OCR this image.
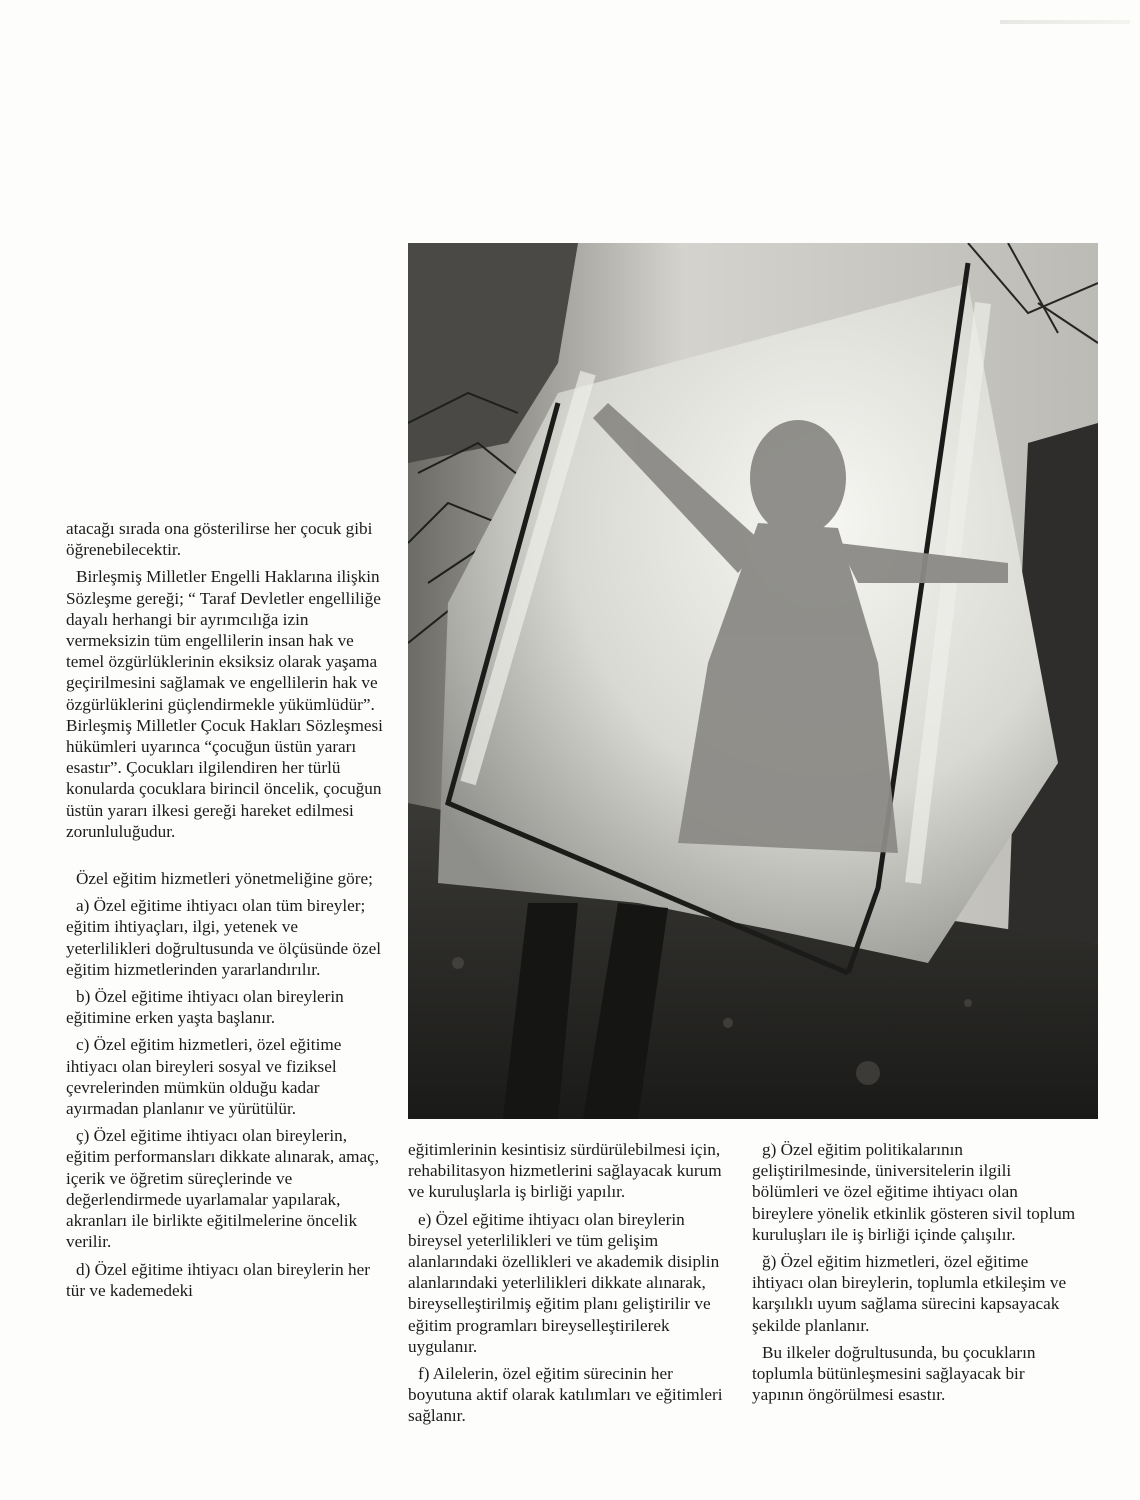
atacağı sırada ona gösterilirse her çocuk gibi öğrenebilecektir.

Birleşmiş Milletler Engelli Haklarına ilişkin Sözleşme gereği; “ Taraf Devletler engelliliğe dayalı herhangi bir ayrımcılığa izin vermeksizin tüm engellilerin insan hak ve temel özgürlüklerinin eksiksiz olarak yaşama geçirilmesini sağlamak ve engellilerin hak ve özgürlüklerini güçlendirmekle yükümlüdür”. Birleşmiş Milletler Çocuk Hakları Sözleşmesi hükümleri uyarınca “çocuğun üstün yararı esastır”. Çocukları ilgilendiren her türlü konularda çocuklara birincil öncelik, çocuğun üstün yararı ilkesi gereği hareket edilmesi zorunluluğudur.

Özel eğitim hizmetleri yönetmeliğine göre;

a) Özel eğitime ihtiyacı olan tüm bireyler; eğitim ihtiyaçları, ilgi, yetenek ve yeterlilikleri doğrultusunda ve ölçüsünde özel eğitim hizmetlerinden yararlandırılır.

b) Özel eğitime ihtiyacı olan bireylerin eğitimine erken yaşta başlanır.

c) Özel eğitim hizmetleri, özel eğitime ihtiyacı olan bireyleri sosyal ve fiziksel çevrelerinden mümkün olduğu kadar ayırmadan planlanır ve yürütülür.

ç) Özel eğitime ihtiyacı olan bireylerin, eğitim performansları dikkate alınarak, amaç, içerik ve öğretim süreçlerinde ve değerlendirmede uyarlamalar yapılarak, akranları ile birlikte eğitilmelerine öncelik verilir.

d) Özel eğitime ihtiyacı olan bireylerin her tür ve kademedeki

eğitimlerinin kesintisiz sürdürülebilmesi için, rehabilitasyon hizmetlerini sağlayacak kurum ve kuruluşlarla iş birliği yapılır.

e) Özel eğitime ihtiyacı olan bireylerin bireysel yeterlilikleri ve tüm gelişim alanlarındaki özellikleri ve akademik disiplin alanlarındaki yeterlilikleri dikkate alınarak, bireyselleştirilmiş eğitim planı geliştirilir ve eğitim programları bireyselleştirilerek uygulanır.

f) Ailelerin, özel eğitim sürecinin her boyutuna aktif olarak katılımları ve eğitimleri sağlanır.

g) Özel eğitim politikalarının geliştirilmesinde, üniversitelerin ilgili bölümleri ve özel eğitime ihtiyacı olan bireylere yönelik etkinlik gösteren sivil toplum kuruluşları ile iş birliği içinde çalışılır.

ğ) Özel eğitim hizmetleri, özel eğitime ihtiyacı olan bireylerin, toplumla etkileşim ve karşılıklı uyum sağlama sürecini kapsayacak şekilde planlanır.

Bu ilkeler doğrultusunda, bu çocukların toplumla bütünleşmesini sağlayacak bir yapının öngörülmesi esastır.
